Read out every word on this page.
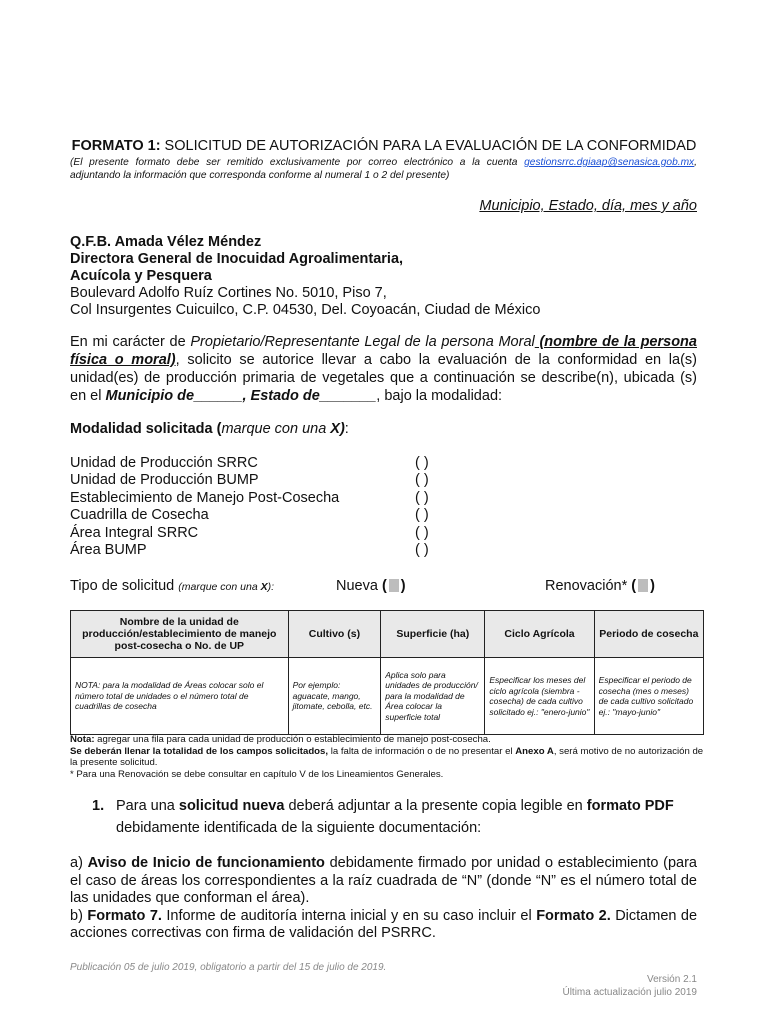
FORMATO 1: SOLICITUD DE AUTORIZACIÓN PARA LA EVALUACIÓN DE LA CONFORMIDAD
(El presente formato debe ser remitido exclusivamente por correo electrónico a la cuenta gestionsrrc.dgiaap@senasica.gob.mx, adjuntando la información que corresponda conforme al numeral 1 o 2 del presente)
Municipio, Estado, día, mes y año
Q.F.B. Amada Vélez Méndez
Directora General de Inocuidad Agroalimentaria,
Acuícola y Pesquera
Boulevard Adolfo Ruíz Cortines No. 5010, Piso 7,
Col Insurgentes Cuicuilco, C.P. 04530, Del. Coyoacán, Ciudad de México
En mi carácter de Propietario/Representante Legal de la persona Moral (nombre de la persona física o moral), solicito se autorice llevar a cabo la evaluación de la conformidad en la(s) unidad(es) de producción primaria de vegetales que a continuación se describe(n), ubicada (s) en el Municipio de______, Estado de_______, bajo la modalidad:
Modalidad solicitada (marque con una X):
Unidad de Producción SRRC	( )
Unidad de Producción BUMP	( )
Establecimiento de Manejo Post-Cosecha	( )
Cuadrilla de Cosecha	( )
Área Integral SRRC	( )
Área BUMP	( )
Tipo de solicitud (marque con una X):	Nueva ( )	Renovación* ( )
Nombre de la unidad de producción/establecimiento de manejo post-cosecha o No. de UP	Cultivo (s)	Superficie (ha)	Ciclo Agrícola	Periodo de cosecha
NOTA: para la modalidad de Áreas colocar solo el número total de unidades o el número total de cuadrillas de cosecha	Por ejemplo: aguacate, mango, jitomate, cebolla, etc.	Aplica solo para unidades de producción/ para la modalidad de Área colocar la superficie total	Especificar los meses del ciclo agrícola (siembra - cosecha) de cada cultivo solicitado ej.: "enero-junio"	Especificar el periodo de cosecha (mes o meses) de cada cultivo solicitado ej.: "mayo-junio"
Nota: agregar una fila para cada unidad de producción o establecimiento de manejo post-cosecha.
Se deberán llenar la totalidad de los campos solicitados, la falta de información o de no presentar el Anexo A, será motivo de no autorización de la presente solicitud.
* Para una Renovación se debe consultar en capítulo V de los Lineamientos Generales.
1. Para una solicitud nueva deberá adjuntar a la presente copia legible en formato PDF debidamente identificada de la siguiente documentación:
a) Aviso de Inicio de funcionamiento debidamente firmado por unidad o establecimiento (para el caso de áreas los correspondientes a la raíz cuadrada de “N” (donde “N” es el número total de las unidades que conforman el área).
b) Formato 7. Informe de auditoría interna inicial y en su caso incluir el Formato 2. Dictamen de acciones correctivas con firma de validación del PSRRC.
Publicación 05 de julio 2019, obligatorio a partir del 15 de julio de 2019.
Versión 2.1
Última actualización julio 2019
